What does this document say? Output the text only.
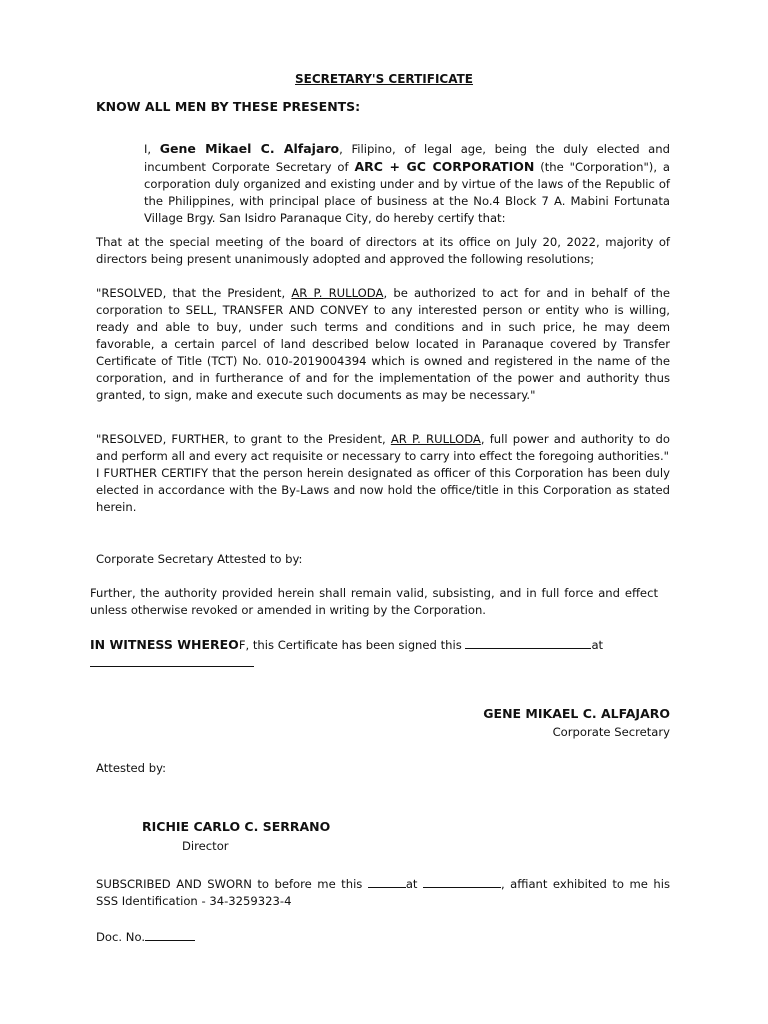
SECRETARY'S CERTIFICATE
KNOW ALL MEN BY THESE PRESENTS:

I, Gene Mikael C. Alfajaro, Filipino, of legal age, being the duly elected and incumbent Corporate Secretary of ARC + GC CORPORATION (the "Corporation"), a corporation duly organized and existing under and by virtue of the laws of the Republic of the Philippines, with principal place of business at the No.4 Block 7 A. Mabini Fortunata Village Brgy. San Isidro Paranaque City, do hereby certify that:

That at the special meeting of the board of directors at its office on July 20, 2022, majority of directors being present unanimously adopted and approved the following resolutions;

"RESOLVED, that the President, AR P. RULLODA, be authorized to act for and in behalf of the corporation to SELL, TRANSFER AND CONVEY to any interested person or entity who is willing, ready and able to buy, under such terms and conditions and in such price, he may deem favorable, a certain parcel of land described below located in Paranaque covered by Transfer Certificate of Title (TCT) No. 010-2019004394 which is owned and registered in the name of the corporation, and in furtherance of and for the implementation of the power and authority thus granted, to sign, make and execute such documents as may be necessary."

"RESOLVED, FURTHER, to grant to the President, AR P. RULLODA, full power and authority to do and perform all and every act requisite or necessary to carry into effect the foregoing authorities."

I FURTHER CERTIFY that the person herein designated as officer of this Corporation has been duly elected in accordance with the By-Laws and now hold the office/title in this Corporation as stated herein.

Corporate Secretary Attested to by:
Further, the authority provided herein shall remain valid, subsisting, and in full force and effect unless otherwise revoked or amended in writing by the Corporation.
IN WITNESS WHEREOF, this Certificate has been signed this	at

GENE MIKAEL C. ALFAJARO
Corporate Secretary
Attested by:
RICHIE CARLO C. SERRANO
Director

SUBSCRIBED AND SWORN to before me this	at	, affiant exhibited to me his SSS Identification - 34-3259323-4

Doc. No.
